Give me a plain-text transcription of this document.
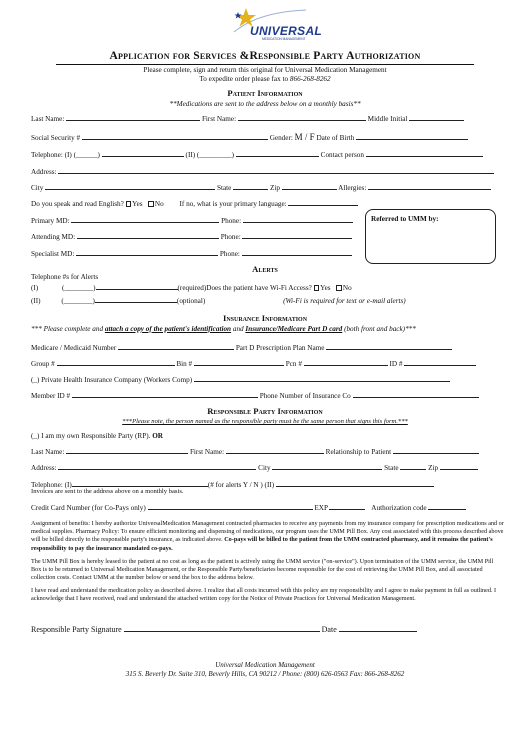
UNIVERSAL
MEDICATION MANAGEMENT
Application for Services &Responsible Party Authorization
Please complete, sign and return this original for Universal Medication Management
To expedite order please fax to 866-268-8262
Patient Information
**Medications are sent to the address below on a monthly basis**
Last Name:	First Name:	Middle Initial
Social Security #	Gender: M / F Date of Birth
Telephone: (I) (______)	(II) (_________)	Contact person
Address:
City	State	Zip	Allergies:
Do you speak and read English? Yes No If no, what is your primary language:
Primary MD:	Phone:
Attending MD:	Phone:
Specialist MD:	Phone:
Referred to UMM by:
Alerts
Telephone #s for Alerts
(I)	(________)	(required)Does the patient have Wi-Fi Access? Yes No
(II)	(________)	(optional)	(Wi-Fi is required for text or e-mail alerts)
Insurance Information
*** Please complete and attach a copy of the patient's identification and Insurance/Medicare Part D card (both front and back)***
Medicare / Medicaid Number	Part D Prescription Plan Name
Group #	Bin #	Pcn #	ID #
(_) Private Health Insurance Company (Workers Comp)
Member ID #	Phone Number of Insurance Co
Responsible Party Information
***Please note, the person named as the responsible party must be the same person that signs this form.***
(_) I am my own Responsible Party (RP). OR
Last Name:	First Name:	Relationship to Patient
Address:	City	State	Zip
Telephone: (I)	(# for alerts Y / N ) (II)
Invoices are sent to the address above on a monthly basis.
Credit Card Number (for Co-Pays only)	EXP	Authorization code
Assignment of benefits: I hereby authorize UniversalMedication Management contracted pharmacies to receive any payments from my insurance company for prescription medications and or medical supplies. Pharmacy Policy: To ensure efficient monitoring and dispensing of medications, our program uses the UMM Pill Box. Any cost associated with this process described above will be billed directly to the responsible party's insurance, as indicated above. Co-pays will be billed to the patient from the UMM contracted pharmacy, and it remains the patient's responsibility to pay the insurance mandated co-pays.
The UMM Pill Box is hereby leased to the patient at no cost as long as the patient is actively using the UMM service ("on-service"). Upon termination of the UMM service, the UMM Pill Box is to be returned to Universal Medication Management, or the Responsible Party/beneficiaries become responsible for the cost of retrieving the UMM Pill Box, and all associated collection costs. Contact UMM at the number below or send the box to the address below.
I have read and understand the medication policy as described above. I realize that all costs incurred with this policy are my responsibility and I agree to make payment in full as outlined. I acknowledge that I have received, read and understand the attached written copy for the Notice of Private Practices for Universal Medication Management.
Responsible Party Signature	Date
Universal Medication Management
315 S. Beverly Dr. Suite 310, Beverly Hills, CA 90212 / Phone: (800) 626-0563 Fax: 866-268-8262
